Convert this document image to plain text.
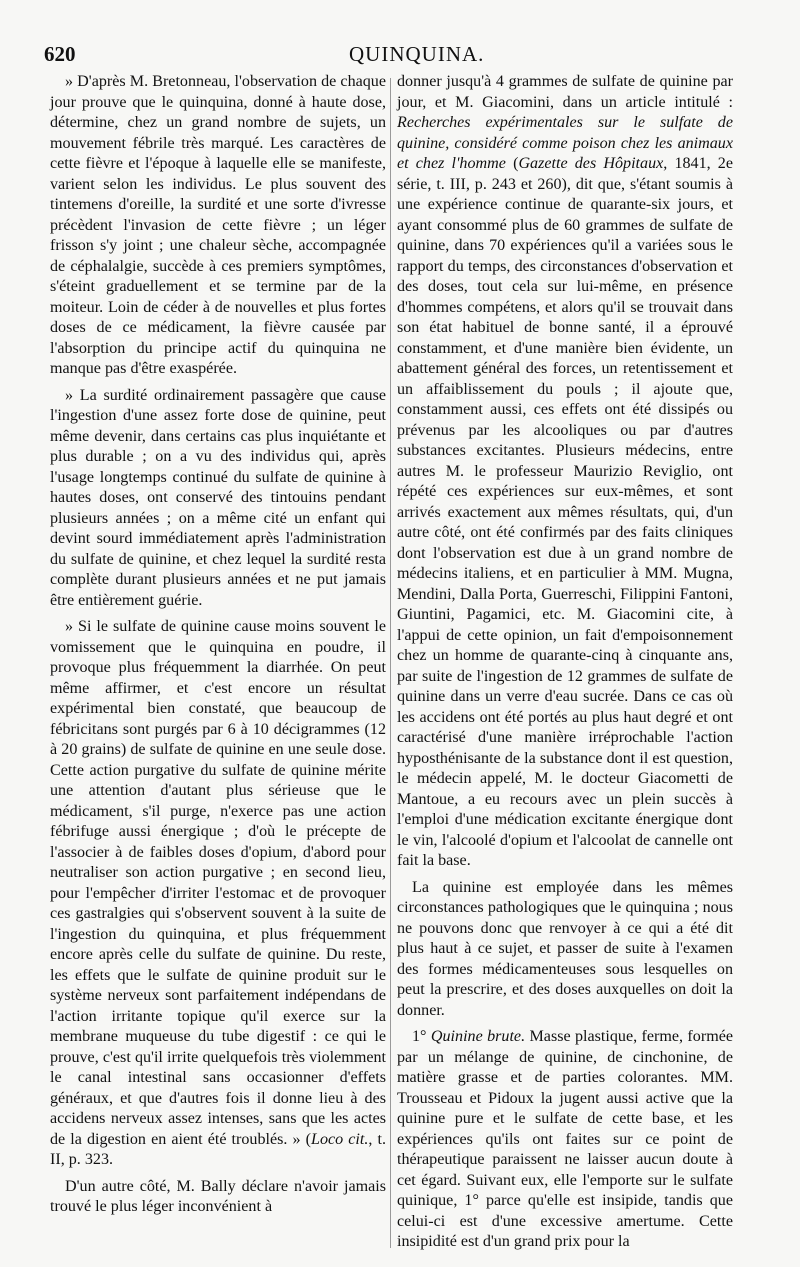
620	QUINQUINA.

» D'après M. Bretonneau, l'observation de chaque jour prouve que le quinquina, donné à haute dose, détermine, chez un grand nombre de sujets, un mouvement fébrile très marqué. Les caractères de cette fièvre et l'époque à laquelle elle se manifeste, varient selon les individus. Le plus souvent des tintemens d'oreille, la surdité et une sorte d'ivresse précèdent l'invasion de cette fièvre ; un léger frisson s'y joint ; une chaleur sèche, accompagnée de céphalalgie, succède à ces premiers symptômes, s'éteint graduellement et se termine par de la moiteur. Loin de céder à de nouvelles et plus fortes doses de ce médicament, la fièvre causée par l'absorption du principe actif du quinquina ne manque pas d'être exaspérée.

» La surdité ordinairement passagère que cause l'ingestion d'une assez forte dose de quinine, peut même devenir, dans certains cas plus inquiétante et plus durable ; on a vu des individus qui, après l'usage longtemps continué du sulfate de quinine à hautes doses, ont conservé des tintouins pendant plusieurs années ; on a même cité un enfant qui devint sourd immédiatement après l'administration du sulfate de quinine, et chez lequel la surdité resta complète durant plusieurs années et ne put jamais être entièrement guérie.

» Si le sulfate de quinine cause moins souvent le vomissement que le quinquina en poudre, il provoque plus fréquemment la diarrhée. On peut même affirmer, et c'est encore un résultat expérimental bien constaté, que beaucoup de fébricitans sont purgés par 6 à 10 décigrammes (12 à 20 grains) de sulfate de quinine en une seule dose. Cette action purgative du sulfate de quinine mérite une attention d'autant plus sérieuse que le médicament, s'il purge, n'exerce pas une action fébrifuge aussi énergique ; d'où le précepte de l'associer à de faibles doses d'opium, d'abord pour neutraliser son action purgative ; en second lieu, pour l'empêcher d'irriter l'estomac et de provoquer ces gastralgies qui s'observent souvent à la suite de l'ingestion du quinquina, et plus fréquemment encore après celle du sulfate de quinine. Du reste, les effets que le sulfate de quinine produit sur le système nerveux sont parfaitement indépendans de l'action irritante topique qu'il exerce sur la membrane muqueuse du tube digestif : ce qui le prouve, c'est qu'il irrite quelquefois très violemment le canal intestinal sans occasionner d'effets généraux, et que d'autres fois il donne lieu à des accidens nerveux assez intenses, sans que les actes de la digestion en aient été troublés. » (Loco cit., t. II, p. 323.

D'un autre côté, M. Bally déclare n'avoir jamais trouvé le plus léger inconvénient à

donner jusqu'à 4 grammes de sulfate de quinine par jour, et M. Giacomini, dans un article intitulé : Recherches expérimentales sur le sulfate de quinine, considéré comme poison chez les animaux et chez l'homme (Gazette des Hôpitaux, 1841, 2e série, t. III, p. 243 et 260), dit que, s'étant soumis à une expérience continue de quarante-six jours, et ayant consommé plus de 60 grammes de sulfate de quinine, dans 70 expériences qu'il a variées sous le rapport du temps, des circonstances d'observation et des doses, tout cela sur lui-même, en présence d'hommes compétens, et alors qu'il se trouvait dans son état habituel de bonne santé, il a éprouvé constamment, et d'une manière bien évidente, un abattement général des forces, un retentissement et un affaiblissement du pouls ; il ajoute que, constamment aussi, ces effets ont été dissipés ou prévenus par les alcooliques ou par d'autres substances excitantes. Plusieurs médecins, entre autres M. le professeur Maurizio Reviglio, ont répété ces expériences sur eux-mêmes, et sont arrivés exactement aux mêmes résultats, qui, d'un autre côté, ont été confirmés par des faits cliniques dont l'observation est due à un grand nombre de médecins italiens, et en particulier à MM. Mugna, Mendini, Dalla Porta, Guerreschi, Filippini Fantoni, Giuntini, Pagamici, etc. M. Giacomini cite, à l'appui de cette opinion, un fait d'empoisonnement chez un homme de quarante-cinq à cinquante ans, par suite de l'ingestion de 12 grammes de sulfate de quinine dans un verre d'eau sucrée. Dans ce cas où les accidens ont été portés au plus haut degré et ont caractérisé d'une manière irréprochable l'action hyposthénisante de la substance dont il est question, le médecin appelé, M. le docteur Giacometti de Mantoue, a eu recours avec un plein succès à l'emploi d'une médication excitante énergique dont le vin, l'alcoolé d'opium et l'alcoolat de cannelle ont fait la base.

La quinine est employée dans les mêmes circonstances pathologiques que le quinquina ; nous ne pouvons donc que renvoyer à ce qui a été dit plus haut à ce sujet, et passer de suite à l'examen des formes médicamenteuses sous lesquelles on peut la prescrire, et des doses auxquelles on doit la donner.

1° Quinine brute. Masse plastique, ferme, formée par un mélange de quinine, de cinchonine, de matière grasse et de parties colorantes. MM. Trousseau et Pidoux la jugent aussi active que la quinine pure et le sulfate de cette base, et les expériences qu'ils ont faites sur ce point de thérapeutique paraissent ne laisser aucun doute à cet égard. Suivant eux, elle l'emporte sur le sulfate quinique, 1° parce qu'elle est insipide, tandis que celui-ci est d'une excessive amertume. Cette insipidité est d'un grand prix pour la
